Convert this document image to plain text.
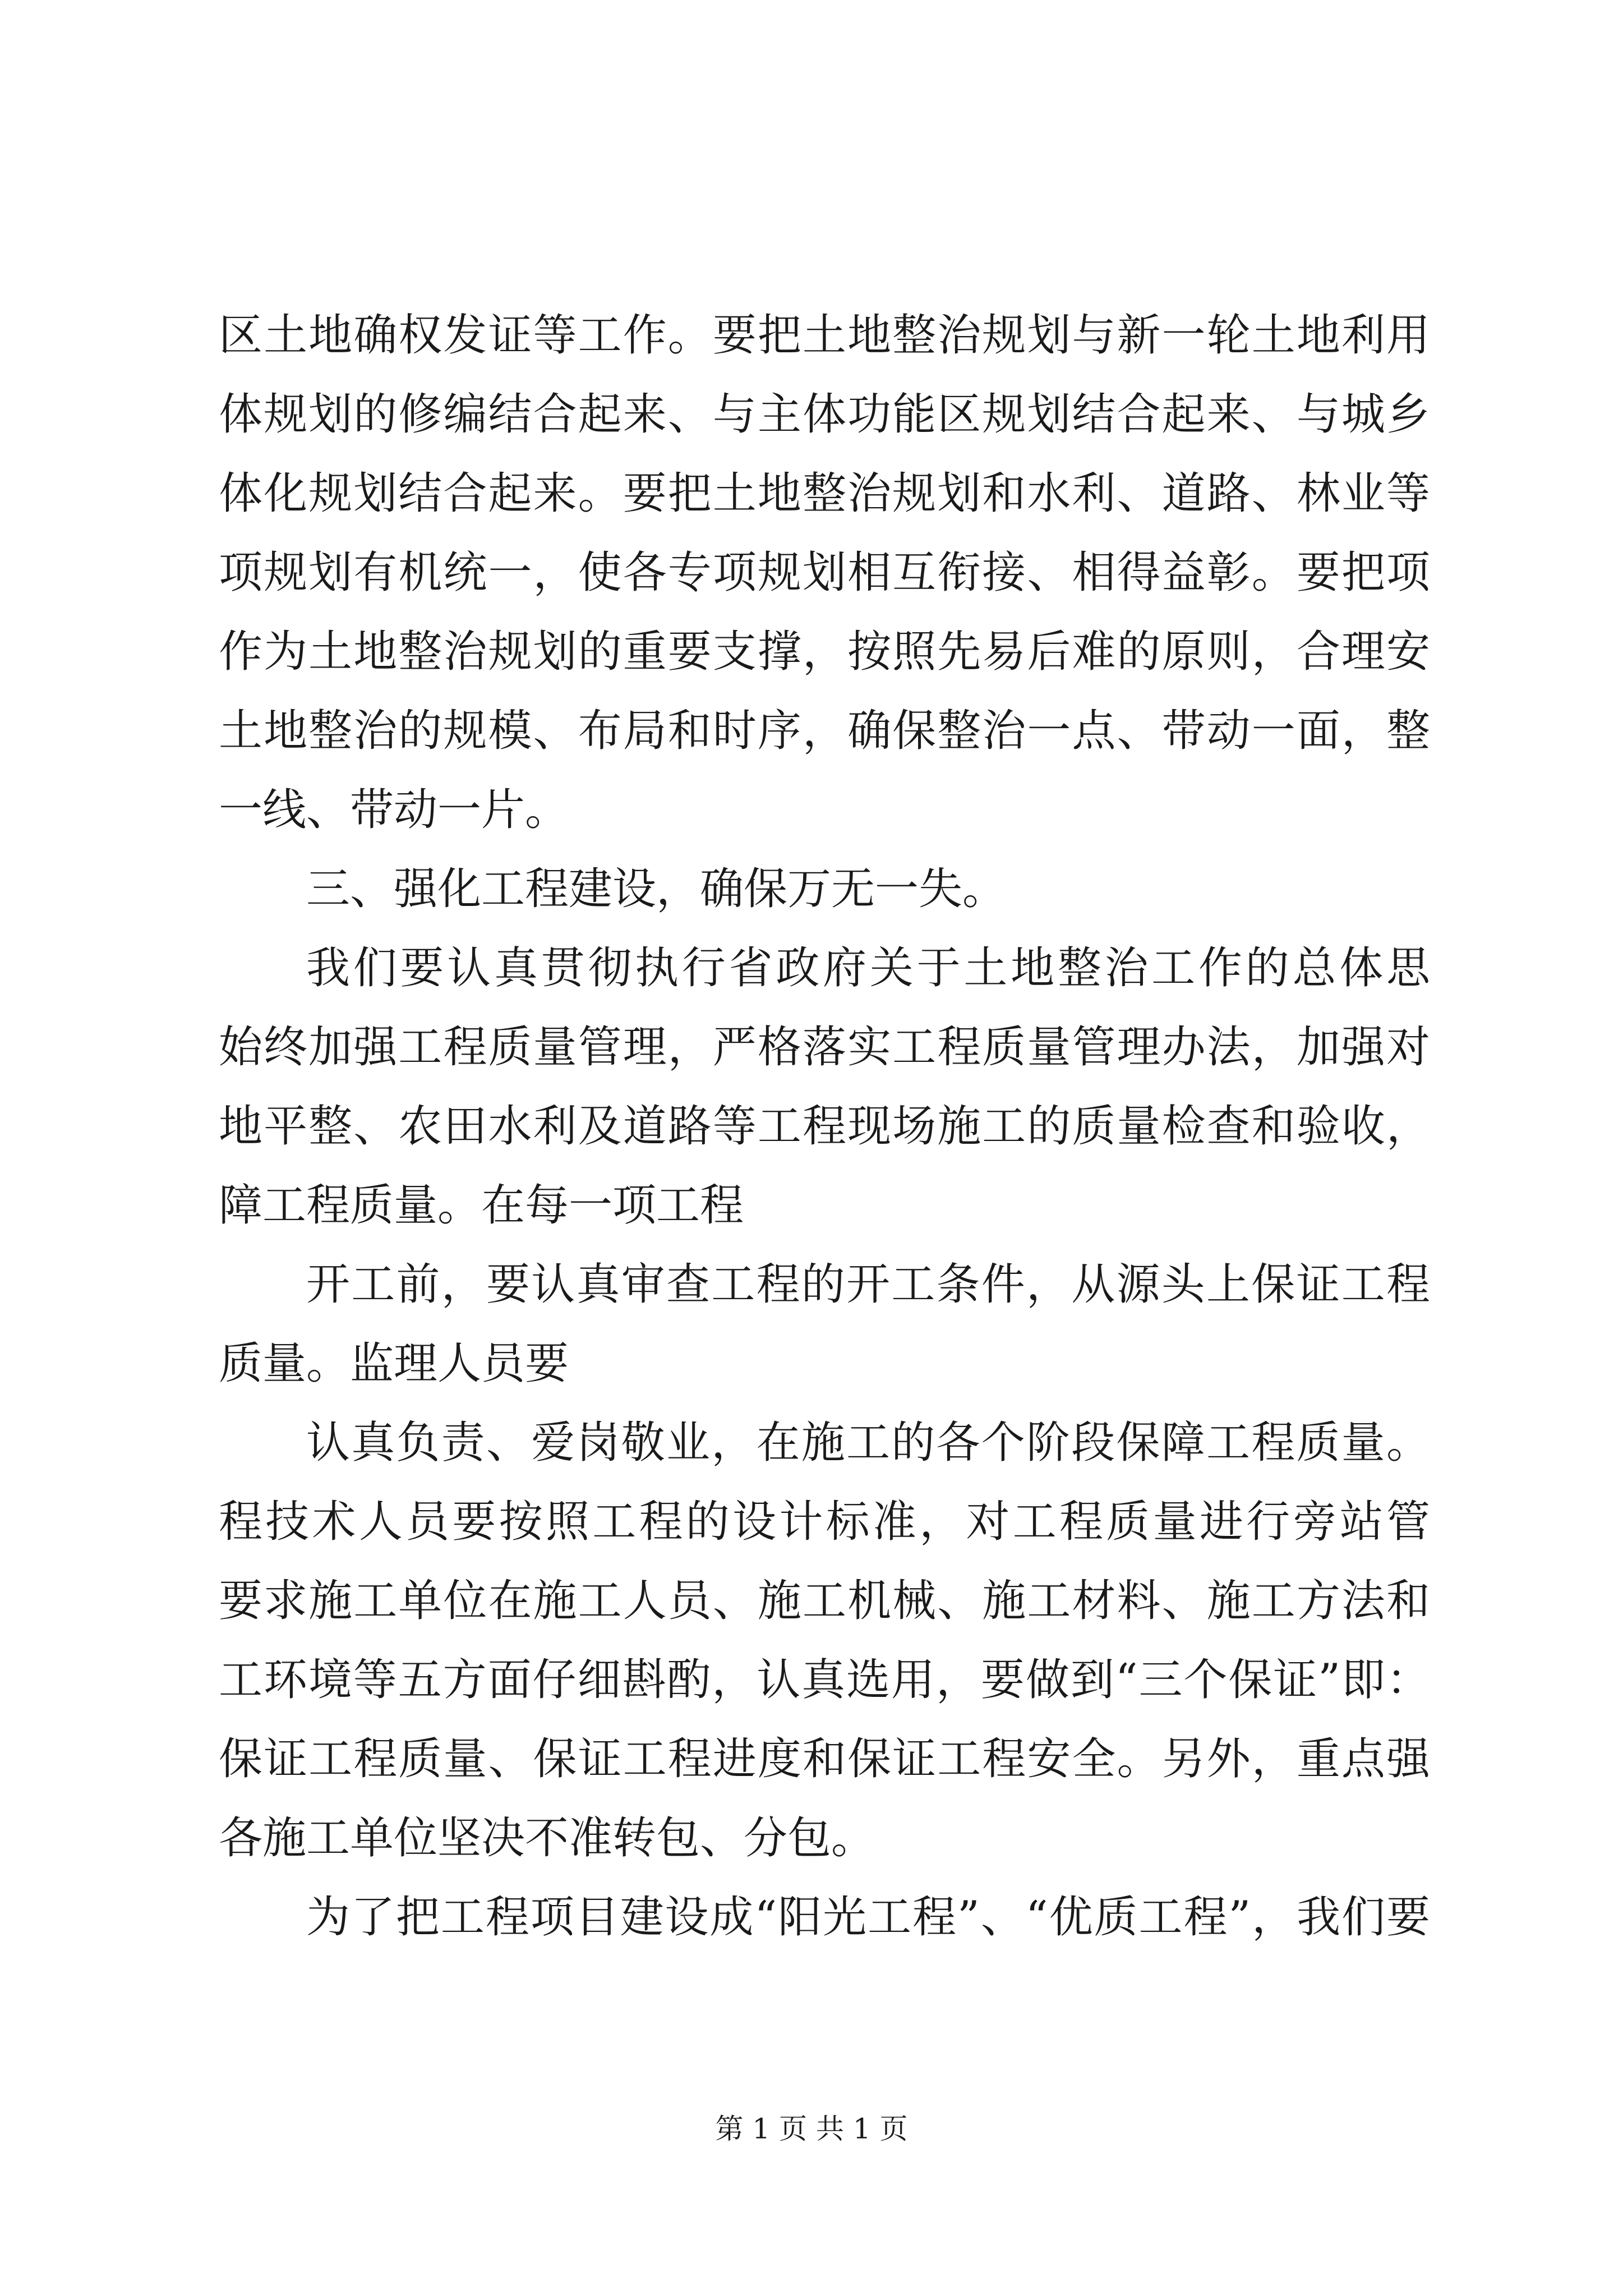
区土地确权发证等工作。要把土地整治规划与新一轮土地利用
体规划的修编结合起来、与主体功能区规划结合起来、与城乡
体化规划结合起来。要把土地整治规划和水利、道路、林业等
项规划有机统一，使各专项规划相互衔接、相得益彰。要把项
作为土地整治规划的重要支撑，按照先易后难的原则，合理安
土地整治的规模、布局和时序，确保整治一点、带动一面，整
一线、带动一片。
三、强化工程建设，确保万无一失。
我们要认真贯彻执行省政府关于土地整治工作的总体思
始终加强工程质量管理，严格落实工程质量管理办法，加强对
地平整、农田水利及道路等工程现场施工的质量检查和验收，
障工程质量。在每一项工程
开工前，要认真审查工程的开工条件，从源头上保证工程
质量。监理人员要
认真负责、爱岗敬业，在施工的各个阶段保障工程质量。
程技术人员要按照工程的设计标准，对工程质量进行旁站管
要求施工单位在施工人员、施工机械、施工材料、施工方法和
工环境等五方面仔细斟酌，认真选用，要做到“三个保证”即：
保证工程质量、保证工程进度和保证工程安全。另外，重点强
各施工单位坚决不准转包、分包。
为了把工程项目建设成“阳光工程”、“优质工程”，我们要
第 1 页 共 1 页
